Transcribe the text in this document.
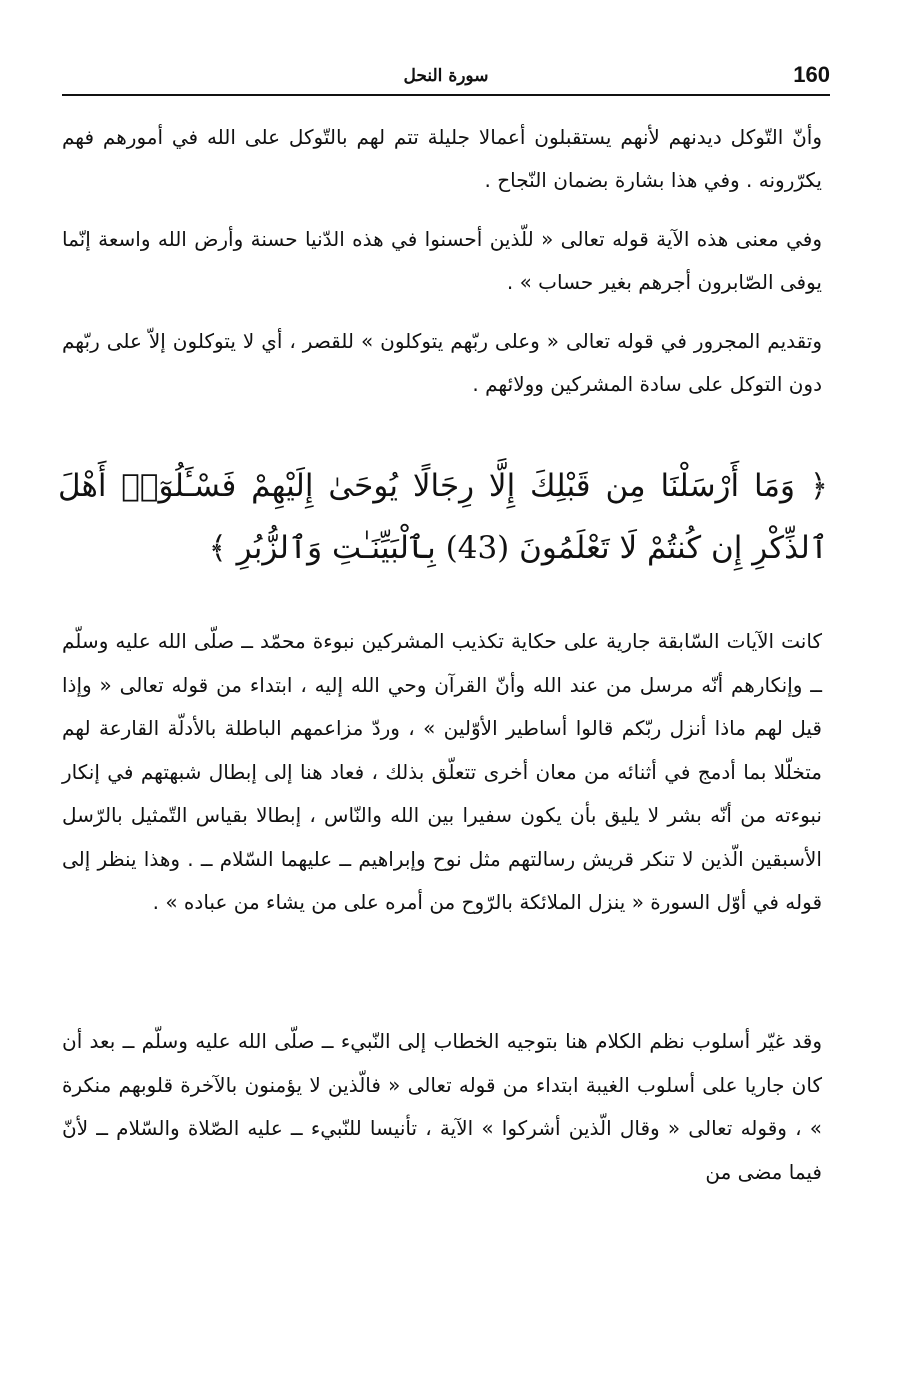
160
سورة النحل

وأنّ التّوكل ديدنهم لأنهم يستقبلون أعمالا جليلة تتم لهم بالتّوكل على الله في أمورهم فهم يكرّرونه . وفي هذا بشارة بضمان النّجاح .

وفي معنى هذه الآية قوله تعالى « للّذين أحسنوا في هذه الدّنيا حسنة وأرض الله واسعة إنّما يوفى الصّابرون أجرهم بغير حساب » .

وتقديم المجرور في قوله تعالى « وعلى ربّهم يتوكلون » للقصر ، أي لا يتوكلون إلاّ على ربّهم دون التوكل على سادة المشركين وولائهم .

﴿ وَمَا أَرْسَلْنَا مِن قَبْلِكَ إِلَّا رِجَالًا يُوحَىٰ إِلَيْهِمْ فَسْـَٔلُوٓا۟ أَهْلَ ٱلذِّكْرِ إِن كُنتُمْ لَا تَعْلَمُونَ (43) بِٱلْبَيِّنَـٰتِ وَٱلزُّبُرِ ﴾

كانت الآيات السّابقة جارية على حكاية تكذيب المشركين نبوءة محمّد ــ صلّى الله عليه وسلّم ــ وإنكارهم أنّه مرسل من عند الله وأنّ القرآن وحي الله إليه ، ابتداء من قوله تعالى « وإذا قيل لهم ماذا أنزل ربّكم قالوا أساطير الأوّلين » ، وردّ مزاعمهم الباطلة بالأدلّة القارعة لهم متخلّلا بما أدمج في أثنائه من معان أخرى تتعلّق بذلك ، فعاد هنا إلى إبطال شبهتهم في إنكار نبوءته من أنّه بشر لا يليق بأن يكون سفيرا بين الله والنّاس ، إبطالا بقياس التّمثيل بالرّسل الأسبقين الّذين لا تنكر قريش رسالتهم مثل نوح وإبراهيم ــ عليهما السّلام ــ . وهذا ينظر إلى قوله في أوّل السورة « ينزل الملائكة بالرّوح من أمره على من يشاء من عباده » .

وقد غيّر أسلوب نظم الكلام هنا بتوجيه الخطاب إلى النّبيء ــ صلّى الله عليه وسلّم ــ بعد أن كان جاريا على أسلوب الغيبة ابتداء من قوله تعالى « فالّذين لا يؤمنون بالآخرة قلوبهم منكرة » ، وقوله تعالى « وقال الّذين أشركوا » الآية ، تأنيسا للنّبيء ــ عليه الصّلاة والسّلام ــ لأنّ فيما مضى من
